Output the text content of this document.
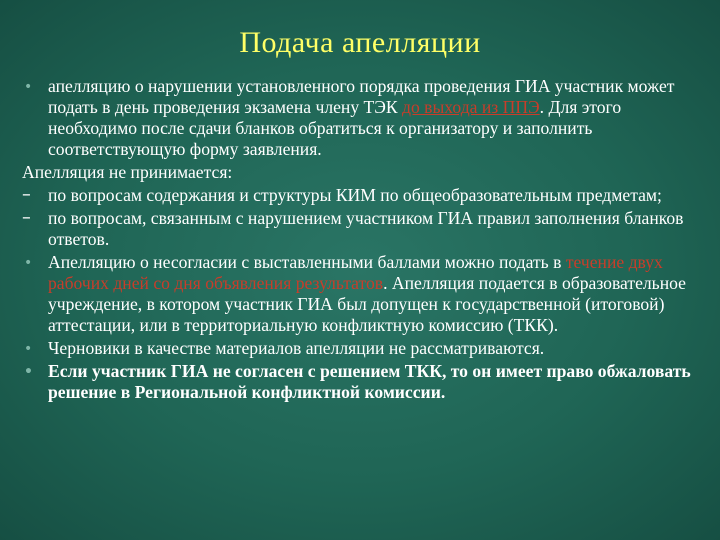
Подача апелляции
• апелляцию о нарушении установленного порядка проведения ГИА участник может подать в день проведения экзамена члену ТЭК до выхода из ППЭ. Для этого необходимо после сдачи бланков обратиться к организатору и заполнить соответствующую форму заявления.
Апелляция не принимается:
– по вопросам содержания и структуры КИМ по общеобразовательным предметам;
– по вопросам, связанным с нарушением участником ГИА правил заполнения бланков ответов.
• Апелляцию о несогласии с выставленными баллами можно подать в течение двух рабочих дней со дня объявления результатов. Апелляция подается в образовательное учреждение, в котором участник ГИА был допущен к государственной (итоговой) аттестации, или в территориальную конфликтную комиссию (ТКК).
• Черновики в качестве материалов апелляции не рассматриваются.
• Если участник ГИА не согласен с решением ТКК, то он имеет право обжаловать решение в Региональной конфликтной комиссии.
